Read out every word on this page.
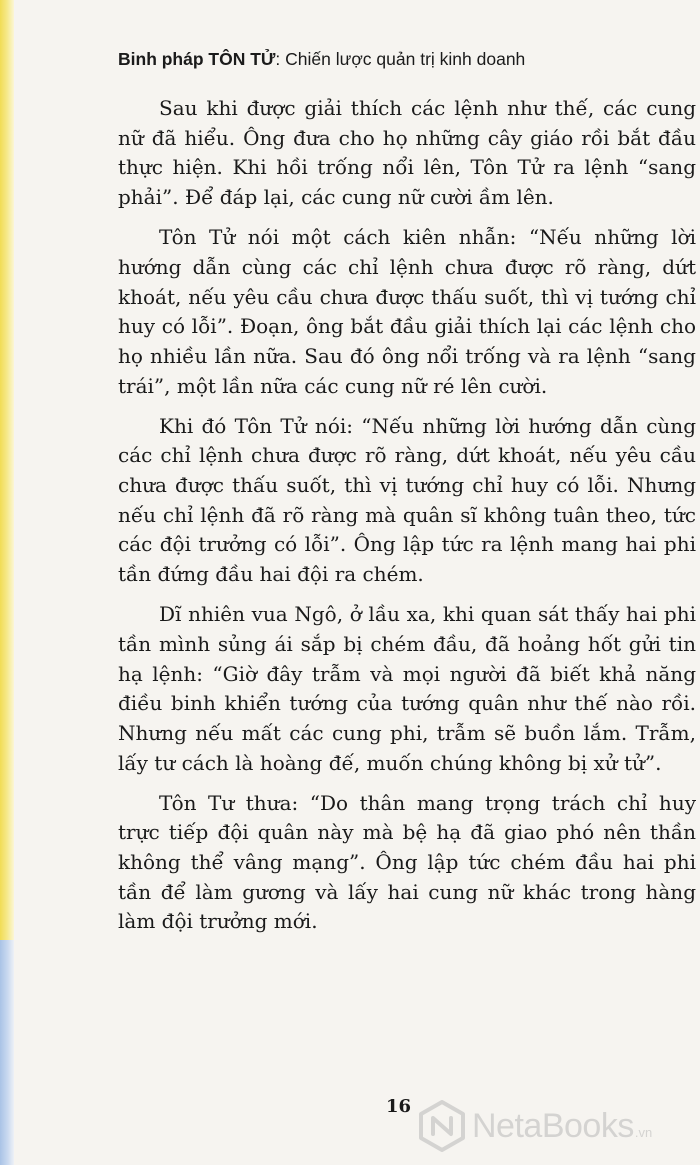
Binh pháp TÔN TỬ: Chiến lược quản trị kinh doanh

Sau khi được giải thích các lệnh như thế, các cung nữ đã hiểu. Ông đưa cho họ những cây giáo rồi bắt đầu thực hiện. Khi hồi trống nổi lên, Tôn Tử ra lệnh “sang phải”. Để đáp lại, các cung nữ cười ầm lên.

Tôn Tử nói một cách kiên nhẫn: “Nếu những lời hướng dẫn cùng các chỉ lệnh chưa được rõ ràng, dứt khoát, nếu yêu cầu chưa được thấu suốt, thì vị tướng chỉ huy có lỗi”. Đoạn, ông bắt đầu giải thích lại các lệnh cho họ nhiều lần nữa. Sau đó ông nổi trống và ra lệnh “sang trái”, một lần nữa các cung nữ ré lên cười.

Khi đó Tôn Tử nói: “Nếu những lời hướng dẫn cùng các chỉ lệnh chưa được rõ ràng, dứt khoát, nếu yêu cầu chưa được thấu suốt, thì vị tướng chỉ huy có lỗi. Nhưng nếu chỉ lệnh đã rõ ràng mà quân sĩ không tuân theo, tức các đội trưởng có lỗi”. Ông lập tức ra lệnh mang hai phi tần đứng đầu hai đội ra chém.

Dĩ nhiên vua Ngô, ở lầu xa, khi quan sát thấy hai phi tần mình sủng ái sắp bị chém đầu, đã hoảng hốt gửi tin hạ lệnh: “Giờ đây trẫm và mọi người đã biết khả năng điều binh khiển tướng của tướng quân như thế nào rồi. Nhưng nếu mất các cung phi, trẫm sẽ buồn lắm. Trẫm, lấy tư cách là hoàng đế, muốn chúng không bị xử tử”.

Tôn Tư thưa: “Do thân mang trọng trách chỉ huy trực tiếp đội quân này mà bệ hạ đã giao phó nên thần không thể vâng mạng”. Ông lập tức chém đầu hai phi tần để làm gương và lấy hai cung nữ khác trong hàng làm đội trưởng mới.

16 NetaBooks .vn
